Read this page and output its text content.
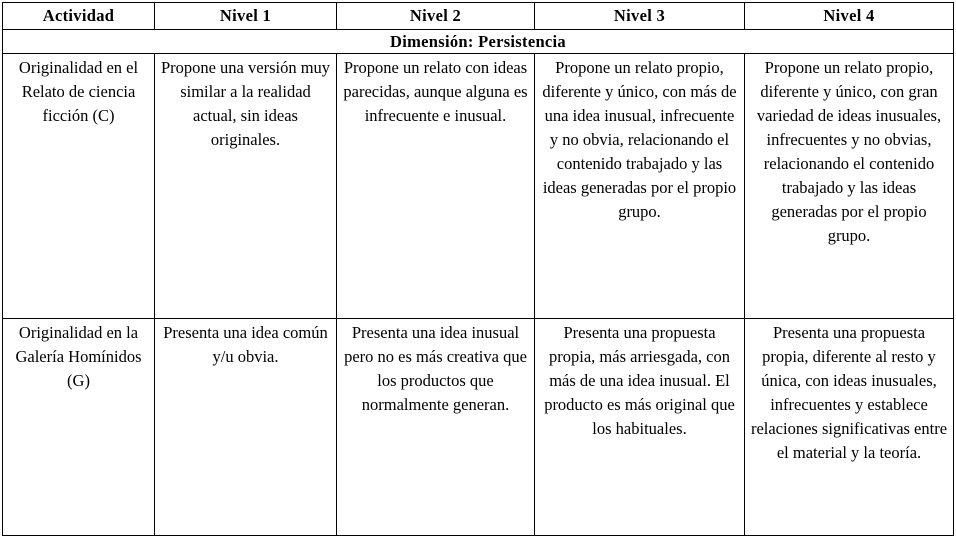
Actividad	Nivel 1	Nivel 2	Nivel 3	Nivel 4
Dimensión: Persistencia				

Originalidad en el Relato de ciencia ficción (C)	Propone una versión muy similar a la realidad actual, sin ideas originales.	Propone un relato con ideas parecidas, aunque alguna es infrecuente e inusual.	Propone un relato propio, diferente y único, con más de una idea inusual, infrecuente y no obvia, relacionando el contenido trabajado y las ideas generadas por el propio grupo.	Propone un relato propio, diferente y único, con gran variedad de ideas inusuales, infrecuentes y no obvias, relacionando el contenido trabajado y las ideas generadas por el propio grupo.

Originalidad en la Galería Homínidos (G)	Presenta una idea común y/u obvia.	Presenta una idea inusual pero no es más creativa que los productos que normalmente generan.	Presenta una propuesta propia, más arriesgada, con más de una idea inusual. El producto es más original que los habituales.	Presenta una propuesta propia, diferente al resto y única, con ideas inusuales, infrecuentes y establece relaciones significativas entre el material y la teoría.
